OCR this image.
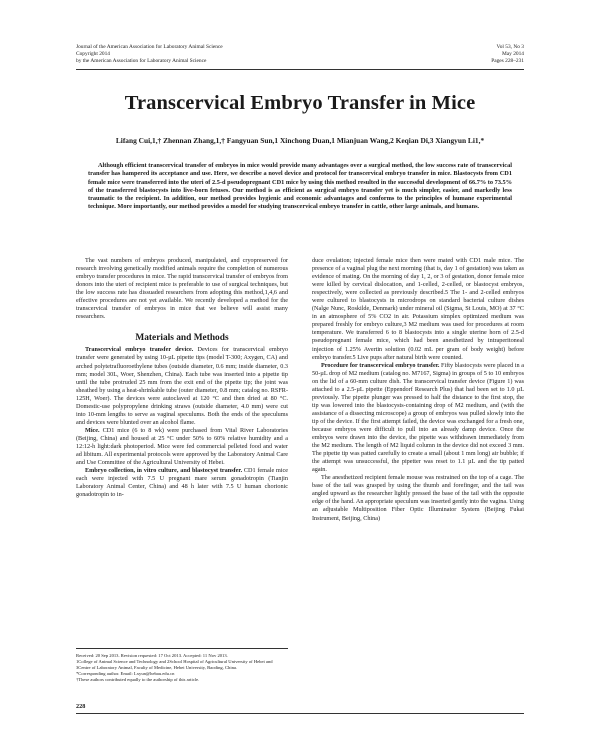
Journal of the American Association for Laboratory Animal Science
Copyright 2014
by the American Association for Laboratory Animal Science
Vol 53, No 3
May 2014
Pages 228–231
Transcervical Embryo Transfer in Mice
Lifang Cui,1,† Zhennan Zhang,1,† Fangyuan Sun,1 Xinchong Duan,1 Mianjuan Wang,2 Keqian Di,3 Xiangyun Li1,*
Although efficient transcervical transfer of embryos in mice would provide many advantages over a surgical method, the low success rate of transcervical transfer has hampered its acceptance and use. Here, we describe a novel device and protocol for transcervical embryo transfer in mice. Blastocysts from CD1 female mice were transferred into the uteri of 2.5-d pseudopregnant CD1 mice by using this method resulted in the successful development of 66.7% to 73.5% of the transferred blastocysts into live-born fetuses. Our method is as efficient as surgical embryo transfer yet is much simpler, easier, and markedly less traumatic to the recipient. In addition, our method provides hygienic and economic advantages and conforms to the principles of humane experimental technique. More importantly, our method provides a model for studying transcervical embryo transfer in cattle, other large animals, and humans.

The vast numbers of embryos produced, manipulated, and cryopreserved for research involving genetically modified animals require the completion of numerous embryo transfer procedures in mice. The rapid transcervical transfer of embryos from donors into the uteri of recipient mice is preferable to use of surgical techniques, but the low success rate has dissuaded researchers from adopting this method,1,4,6 and effective procedures are not yet available. We recently developed a method for the transcervical transfer of embryos in mice that we believe will assist many researchers.

Materials and Methods

Transcervical embryo transfer device. Devices for transcervical embryo transfer were generated by using 10-µL pipette tips (model T-300; Axygen, CA) and arched polytetrafluoroethylene tubes (outside diameter, 0.6 mm; inside diameter, 0.3 mm; model 30L, Woer, Shenzhen, China). Each tube was inserted into a pipette tip until the tube protruded 25 mm from the exit end of the pipette tip; the joint was sheathed by using a heat-shrinkable tube (outer diameter, 0.8 mm; catalog no. RSFR-125H, Woer). The devices were autoclaved at 120 °C and then dried at 80 °C. Domestic-use polypropylene drinking straws (outside diameter, 4.0 mm) were cut into 10-mm lengths to serve as vaginal speculums. Both the ends of the speculums and devices were blunted over an alcohol flame.

Mice. CD1 mice (6 to 8 wk) were purchased from Vital River Laboratories (Beijing, China) and housed at 25 °C under 50% to 60% relative humidity and a 12:12-h light:dark photoperiod. Mice were fed commercial pelleted food and water ad libitum. All experimental protocols were approved by the Laboratory Animal Care and Use Committee of the Agricultural University of Hebei.

Embryo collection, in vitro culture, and blastocyst transfer. CD1 female mice each were injected with 7.5 U pregnant mare serum gonadotropin (Tianjin Laboratory Animal Center, China) and 48 h later with 7.5 U human chorionic gonadotropin to in-

duce ovulation; injected female mice then were mated with CD1 male mice. The presence of a vaginal plug the next morning (that is, day 1 of gestation) was taken as evidence of mating. On the morning of day 1, 2, or 3 of gestation, donor female mice were killed by cervical dislocation, and 1-celled, 2-celled, or blastocyst embryos, respectively, were collected as previously described.5 The 1- and 2-celled embryos were cultured to blastocysts in microdrops on standard bacterial culture dishes (Nalge Nunc, Roskilde, Denmark) under mineral oil (Sigma, St Louis, MO) at 37 °C in an atmosphere of 5% CO2 in air. Potassium simplex optimized medium was prepared freshly for embryo culture,3 M2 medium was used for procedures at room temperature. We transferred 6 to 8 blastocysts into a single uterine horn of 2.5-d pseudopregnant female mice, which had been anesthetized by intraperitoneal injection of 1.25% Avertin solution (0.02 mL per gram of body weight) before embryo transfer.5 Live pups after natural birth were counted.

Procedure for transcervical embryo transfer. Fifty blastocysts were placed in a 50-µL drop of M2 medium (catalog no. M7167, Sigma) in groups of 5 to 10 embryos on the lid of a 60-mm culture dish. The transcervical transfer device (Figure 1) was attached to a 2.5-µL pipette (Eppendorf Research Plus) that had been set to 1.0 µL previously. The pipette plunger was pressed to half the distance to the first stop, the tip was lowered into the blastocysts-containing drop of M2 medium, and (with the assistance of a dissecting microscope) a group of embryos was pulled slowly into the tip of the device. If the first attempt failed, the device was exchanged for a fresh one, because embryos were difficult to pull into an already damp device. Once the embryos were drawn into the device, the pipette was withdrawn immediately from the M2 medium. The length of M2 liquid column in the device did not exceed 3 mm. The pipette tip was patted carefully to create a small (about 1 mm long) air bubble; if the attempt was unsuccessful, the pipetter was reset to 1.1 µL and the tip patted again.

The anesthetized recipient female mouse was restrained on the top of a cage. The base of the tail was grasped by using the thumb and forefinger, and the tail was angled upward as the researcher lightly pressed the base of the tail with the opposite edge of the hand. An appropriate speculum was inserted gently into the vagina. Using an adjustable Multiposition Fiber Optic Illuminator System (Beijing Fukai Instrument, Beijing, China)

Received: 20 Sep 2013. Revision requested: 17 Oct 2013. Accepted: 11 Nov 2013.
1College of Animal Science and Technology and 2School Hospital of Agricultural University of Hebei and 3Centre of Laboratory Animal, Faculty of Medicine, Hebei University, Baoding, China.
*Corresponding author. Email: Lxyun@hebau.edu.cn
†These authors contributed equally to the authorship of this article.
228
